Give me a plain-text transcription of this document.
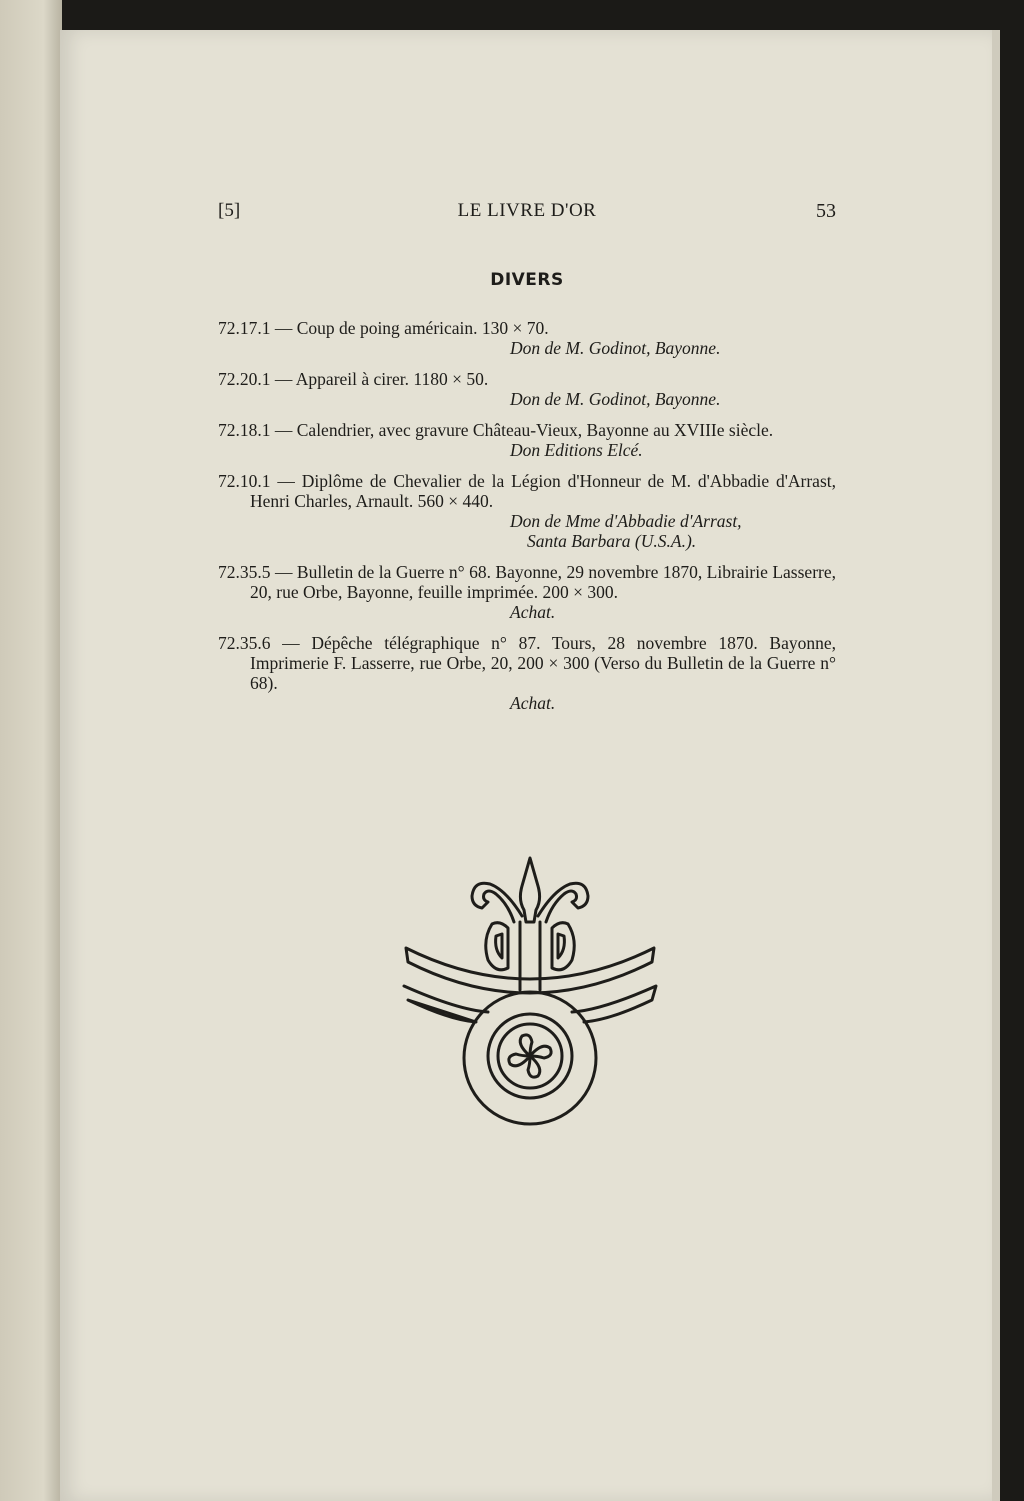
[5]	LE LIVRE D'OR	53
DIVERS
72.17.1 — Coup de poing américain. 130 × 70.
Don de M. Godinot, Bayonne.
72.20.1 — Appareil à cirer. 1180 × 50.
Don de M. Godinot, Bayonne.
72.18.1 — Calendrier, avec gravure Château-Vieux, Bayonne au XVIIIe siècle.
Don Editions Elcé.
72.10.1 — Diplôme de Chevalier de la Légion d'Honneur de M. d'Abbadie d'Arrast, Henri Charles, Arnault. 560 × 440.
Don de Mme d'Abbadie d'Arrast,
Santa Barbara (U.S.A.).
72.35.5 — Bulletin de la Guerre n° 68. Bayonne, 29 novembre 1870, Librairie Lasserre, 20, rue Orbe, Bayonne, feuille imprimée. 200 × 300.
Achat.
72.35.6 — Dépêche télégraphique n° 87. Tours, 28 novembre 1870. Bayonne, Imprimerie F. Lasserre, rue Orbe, 20, 200 × 300 (Verso du Bulletin de la Guerre n° 68).
Achat.
